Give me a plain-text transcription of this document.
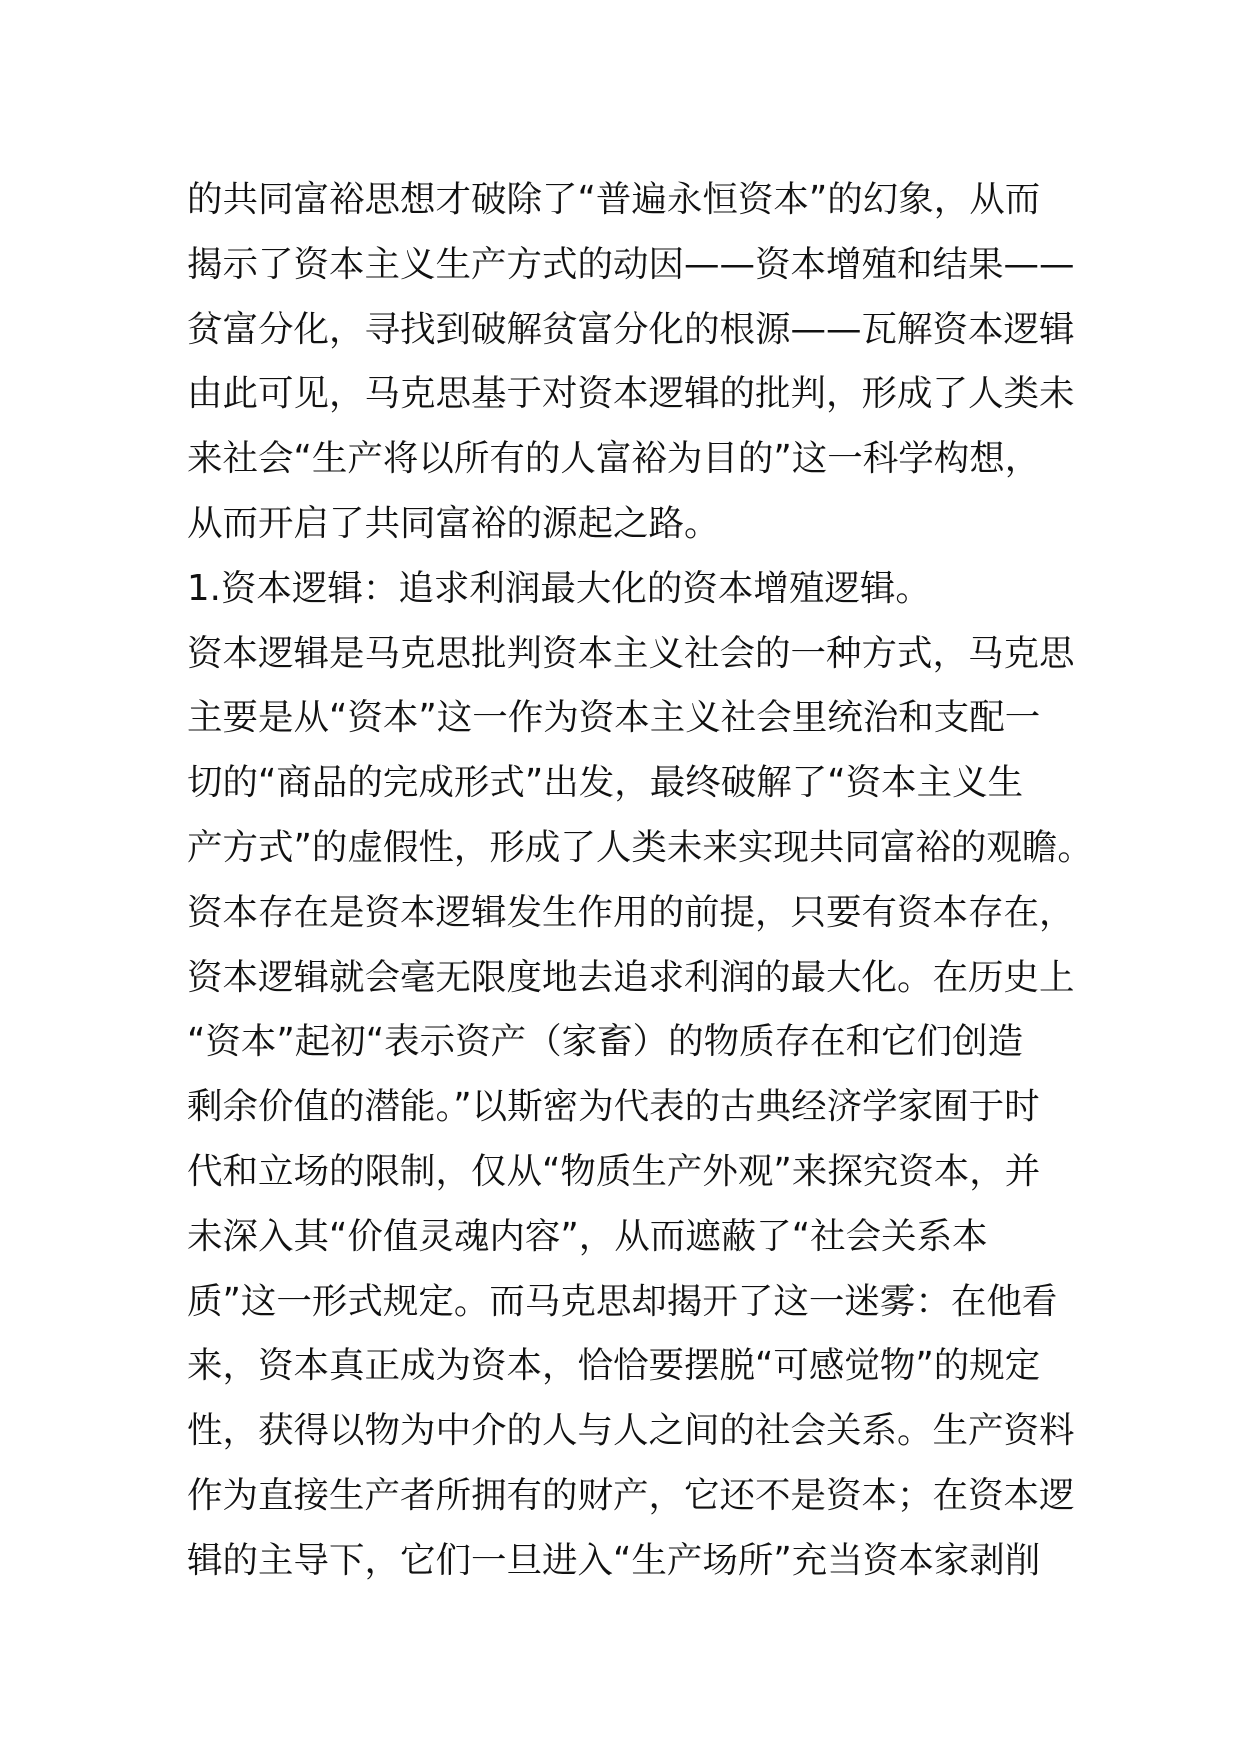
的共同富裕思想才破除了“普遍永恒资本”的幻象，从而
揭示了资本主义生产方式的动因——资本增殖和结果——
贫富分化，寻找到破解贫富分化的根源——瓦解资本逻辑
由此可见，马克思基于对资本逻辑的批判，形成了人类未
来社会“生产将以所有的人富裕为目的”这一科学构想，
从而开启了共同富裕的源起之路。
1.资本逻辑：追求利润最大化的资本增殖逻辑。
资本逻辑是马克思批判资本主义社会的一种方式，马克思
主要是从“资本”这一作为资本主义社会里统治和支配一
切的“商品的完成形式”出发，最终破解了“资本主义生
产方式”的虚假性，形成了人类未来实现共同富裕的观瞻。
资本存在是资本逻辑发生作用的前提，只要有资本存在，
资本逻辑就会毫无限度地去追求利润的最大化。在历史上
“资本”起初“表示资产（家畜）的物质存在和它们创造
剩余价值的潜能。”以斯密为代表的古典经济学家囿于时
代和立场的限制，仅从“物质生产外观”来探究资本，并
未深入其“价值灵魂内容”，从而遮蔽了“社会关系本
质”这一形式规定。而马克思却揭开了这一迷雾：在他看
来，资本真正成为资本，恰恰要摆脱“可感觉物”的规定
性，获得以物为中介的人与人之间的社会关系。生产资料
作为直接生产者所拥有的财产，它还不是资本；在资本逻
辑的主导下，它们一旦进入“生产场所”充当资本家剥削
